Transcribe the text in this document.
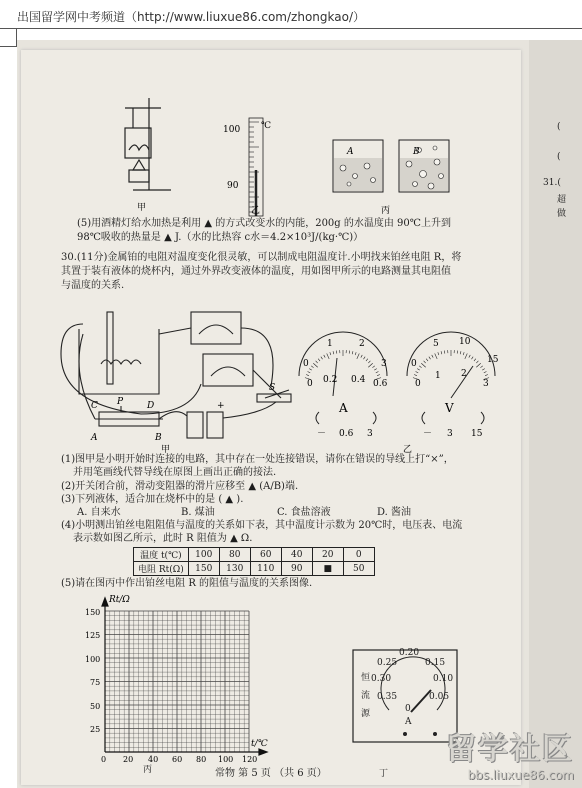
出国留学网中考频道（http://www.liuxue86.com/zhongkao/）
(
(
31.(
超
做
甲
100
90
℃
乙
A	B
丙
(5)用酒精灯给水加热是利用 ▲ 的方式改变水的内能，200g 的水温度由 90℃上升到
98℃吸收的热量是 ▲ J.（水的比热容 c水＝4.2×10³J/(kg·℃)）
30.(11分)金属铂的电阻对温度变化很灵敏，可以制成电阻温度计.小明找来铂丝电阻 R，将
其置于装有液体的烧杯内，通过外界改变液体的温度，用如图甲所示的电路测量其电阻值
与温度的关系.
C P	D
A	B
S
+
甲
1	2
0	3
0 0.2 0.4 0.6
A
－ 0.6 3
5 10
0	15
0
1 2
3
V
－ 3 15
乙
(1)图甲是小明开始时连接的电路，其中存在一处连接错误，请你在错误的导线上打“×”，
并用笔画线代替导线在原图上画出正确的接法.
(2)开关闭合前，滑动变阻器的滑片应移至 ▲ (A/B)端.
(3)下列液体，适合加在烧杯中的是 ( ▲ ).
A. 自来水	B. 煤油	C. 食盐溶液	D. 酱油
(4)小明测出铂丝电阻阻值与温度的关系如下表，其中温度计示数为 20℃时，电压表、电流
表示数如图乙所示，此时 R 阻值为 ▲ Ω.
温度 t(℃)	100	80	60	40	20	0
电阻 Rt(Ω)	150	130	110	90	■	50
(5)请在图丙中作出铂丝电阻 R 的阻值与温度的关系图像.
Rt/Ω
t/℃
150
125
100
75
50
25
0 20 40 60 80 100 120
丙
恒
流
源
0.20
0.15
0.25
0.10
0.30
0.05
0.35
0
A
丁
常物 第 5 页 （共 6 页）
留学社区
bbs.liuxue86.com
